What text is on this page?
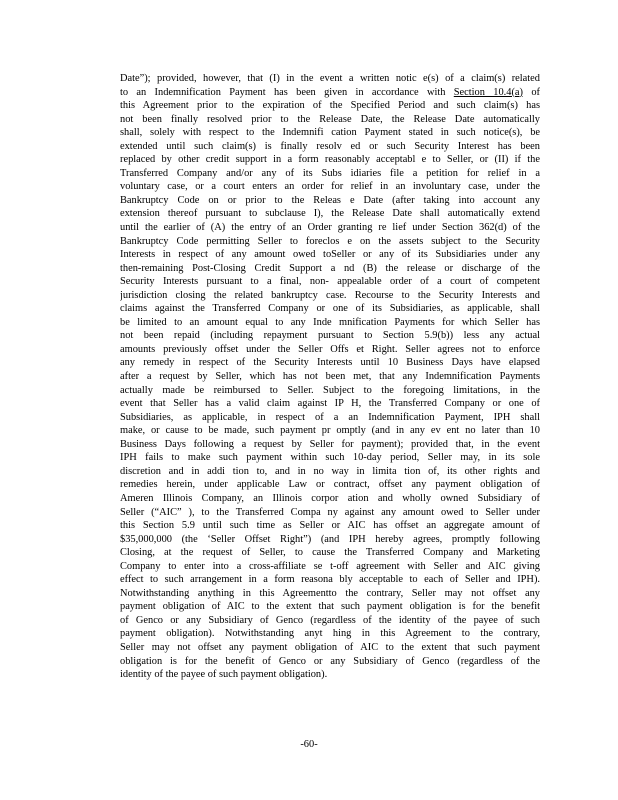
Date”); provided, however, that (I) in the event a written notic e(s) of a claim(s) related
to an Indemnification Payment has been given in accordance with Section 10.4(a) of
this Agreement prior to the expiration of the Specified Period and such claim(s) has
not been finally resolved prior to the Release Date, the Release Date automatically
shall, solely with respect to the Indemnifi cation Payment stated in such notice(s), be
extended until such claim(s) is finally resolv ed or such Security Interest has been
replaced by other credit support in a form reasonably acceptabl e to Seller, or (II) if the
Transferred Company and/or any of its Subs idiaries file a petition for relief in a
voluntary case, or a court enters an order for relief in an involuntary case, under the
Bankruptcy Code on or prior to the Releas e Date (after taking into account any
extension thereof pursuant to subclause I), the Release Date shall automatically extend
until the earlier of (A) the entry of an Order granting re lief under Section 362(d) of the
Bankruptcy Code permitting Seller to foreclos e on the assets subject to the Security
Interests in respect of any amount owed toSeller or any of its Subsidiaries under any
then-remaining Post-Closing Credit Support a nd (B) the release or discharge of the
Security Interests pursuant to a final, non- appealable order of a court of competent
jurisdiction closing the related bankruptcy case. Recourse to the Security Interests and
claims against the Transferred Company or one of its Subsidiaries, as applicable, shall
be limited to an amount equal to any Inde mnification Payments for which Seller has
not been repaid (including repayment pursuant to Section 5.9(b)) less any actual
amounts previously offset under the Seller Offs et Right. Seller agrees not to enforce
any remedy in respect of the Security Interests until 10 Business Days have elapsed
after a request by Seller, which has not been met, that any Indemnification Payments
actually made be reimbursed to Seller. Subject to the foregoing limitations, in the
event that Seller has a valid claim against IP H, the Transferred Company or one of
Subsidiaries, as applicable, in respect of a an Indemnification Payment, IPH shall
make, or cause to be made, such payment pr omptly (and in any ev ent no later than 10
Business Days following a request by Seller for payment); provided that, in the event
IPH fails to make such payment within such 10-day period, Seller may, in its sole
discretion and in addi tion to, and in no way in limita tion of, its other rights and
remedies herein, under applicable Law or contract, offset any payment obligation of
Ameren Illinois Company, an Illinois corpor ation and wholly owned Subsidiary of
Seller (“AIC” ), to the Transferred Compa ny against any amount owed to Seller under
this Section 5.9 until such time as Seller or AIC has offset an aggregate amount of
$35,000,000 (the ‘Seller Offset Right”) (and IPH hereby agrees, promptly following
Closing, at the request of Seller, to cause the Transferred Company and Marketing
Company to enter into a cross-affiliate se t-off agreement with Seller and AIC giving
effect to such arrangement in a form reasona bly acceptable to each of Seller and IPH).
Notwithstanding anything in this Agreementto the contrary, Seller may not offset any
payment obligation of AIC to the extent that such payment obligation is for the benefit
of Genco or any Subsidiary of Genco (regardless of the identity of the payee of such
payment obligation). Notwithstanding anyt hing in this Agreement to the contrary,
Seller may not offset any payment obligation of AIC to the extent that such payment
obligation is for the benefit of Genco or any Subsidiary of Genco (regardless of the
identity of the payee of such payment obligation).
-60-
